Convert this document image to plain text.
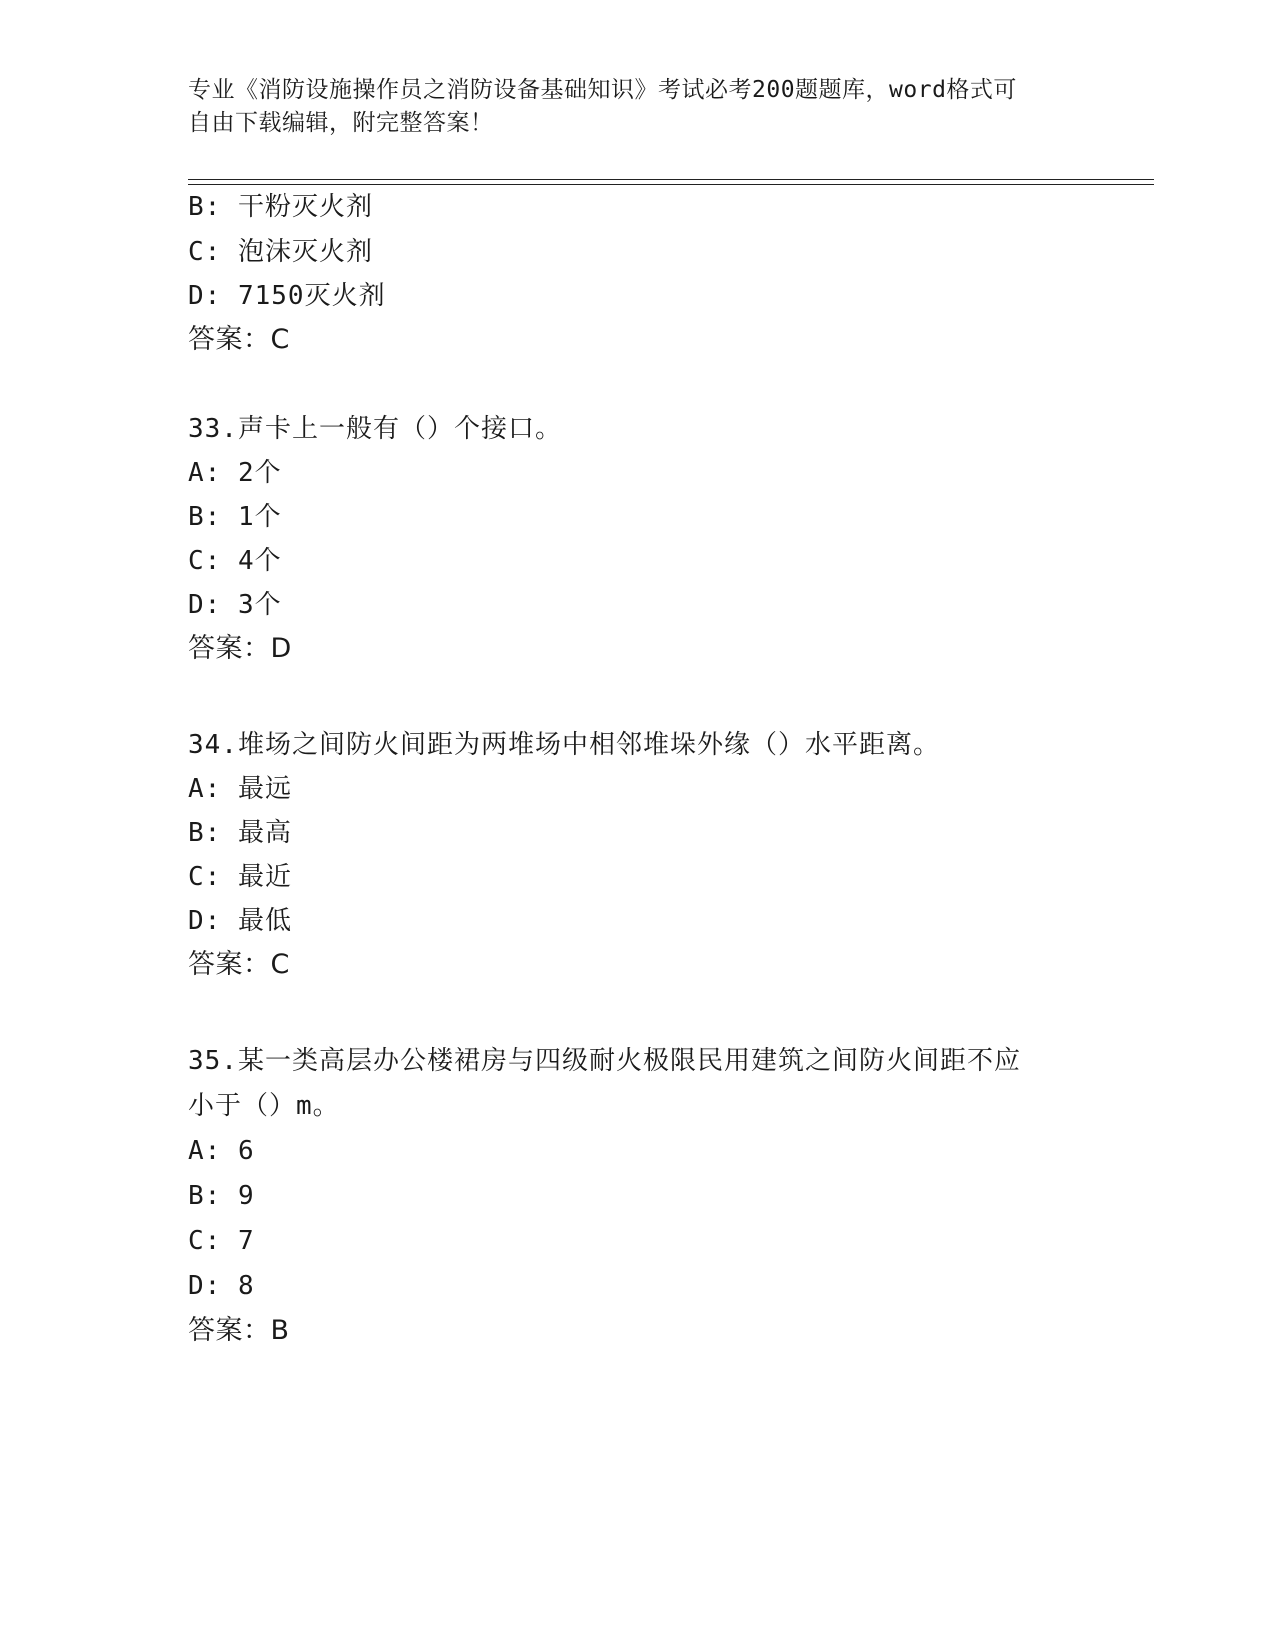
专业《消防设施操作员之消防设备基础知识》考试必考200题题库，word格式可
自由下载编辑，附完整答案！
B: 干粉灭火剂
C: 泡沫灭火剂
D: 7150灭火剂
答案：C
33.声卡上一般有（）个接口。
A: 2个
B: 1个
C: 4个
D: 3个
答案：D
34.堆场之间防火间距为两堆场中相邻堆垛外缘（）水平距离。
A: 最远
B: 最高
C: 最近
D: 最低
答案：C
35.某一类高层办公楼裙房与四级耐火极限民用建筑之间防火间距不应
小于（）m。
A: 6
B: 9
C: 7
D: 8
答案：B
